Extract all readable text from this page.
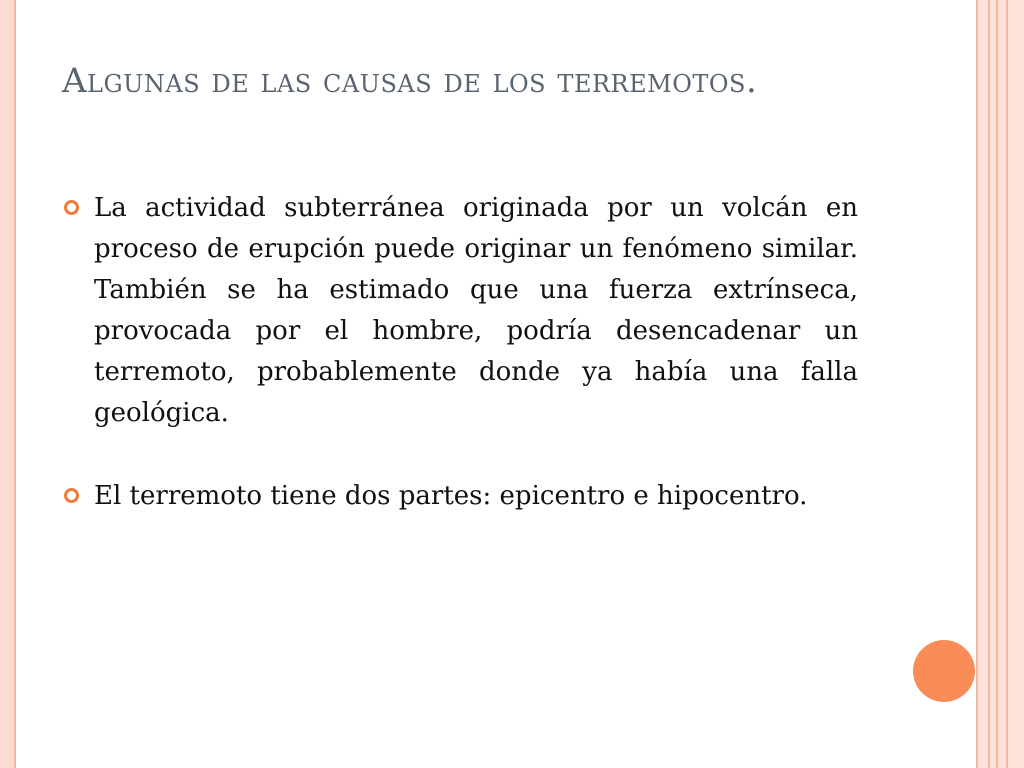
Algunas de las causas de los terremotos.
La actividad subterránea originada por un volcán en proceso de erupción puede originar un fenómeno similar. También se ha estimado que una fuerza extrínseca, provocada por el hombre, podría desencadenar un terremoto, probablemente donde ya había una falla geológica.
El terremoto tiene dos partes: epicentro e hipocentro.
